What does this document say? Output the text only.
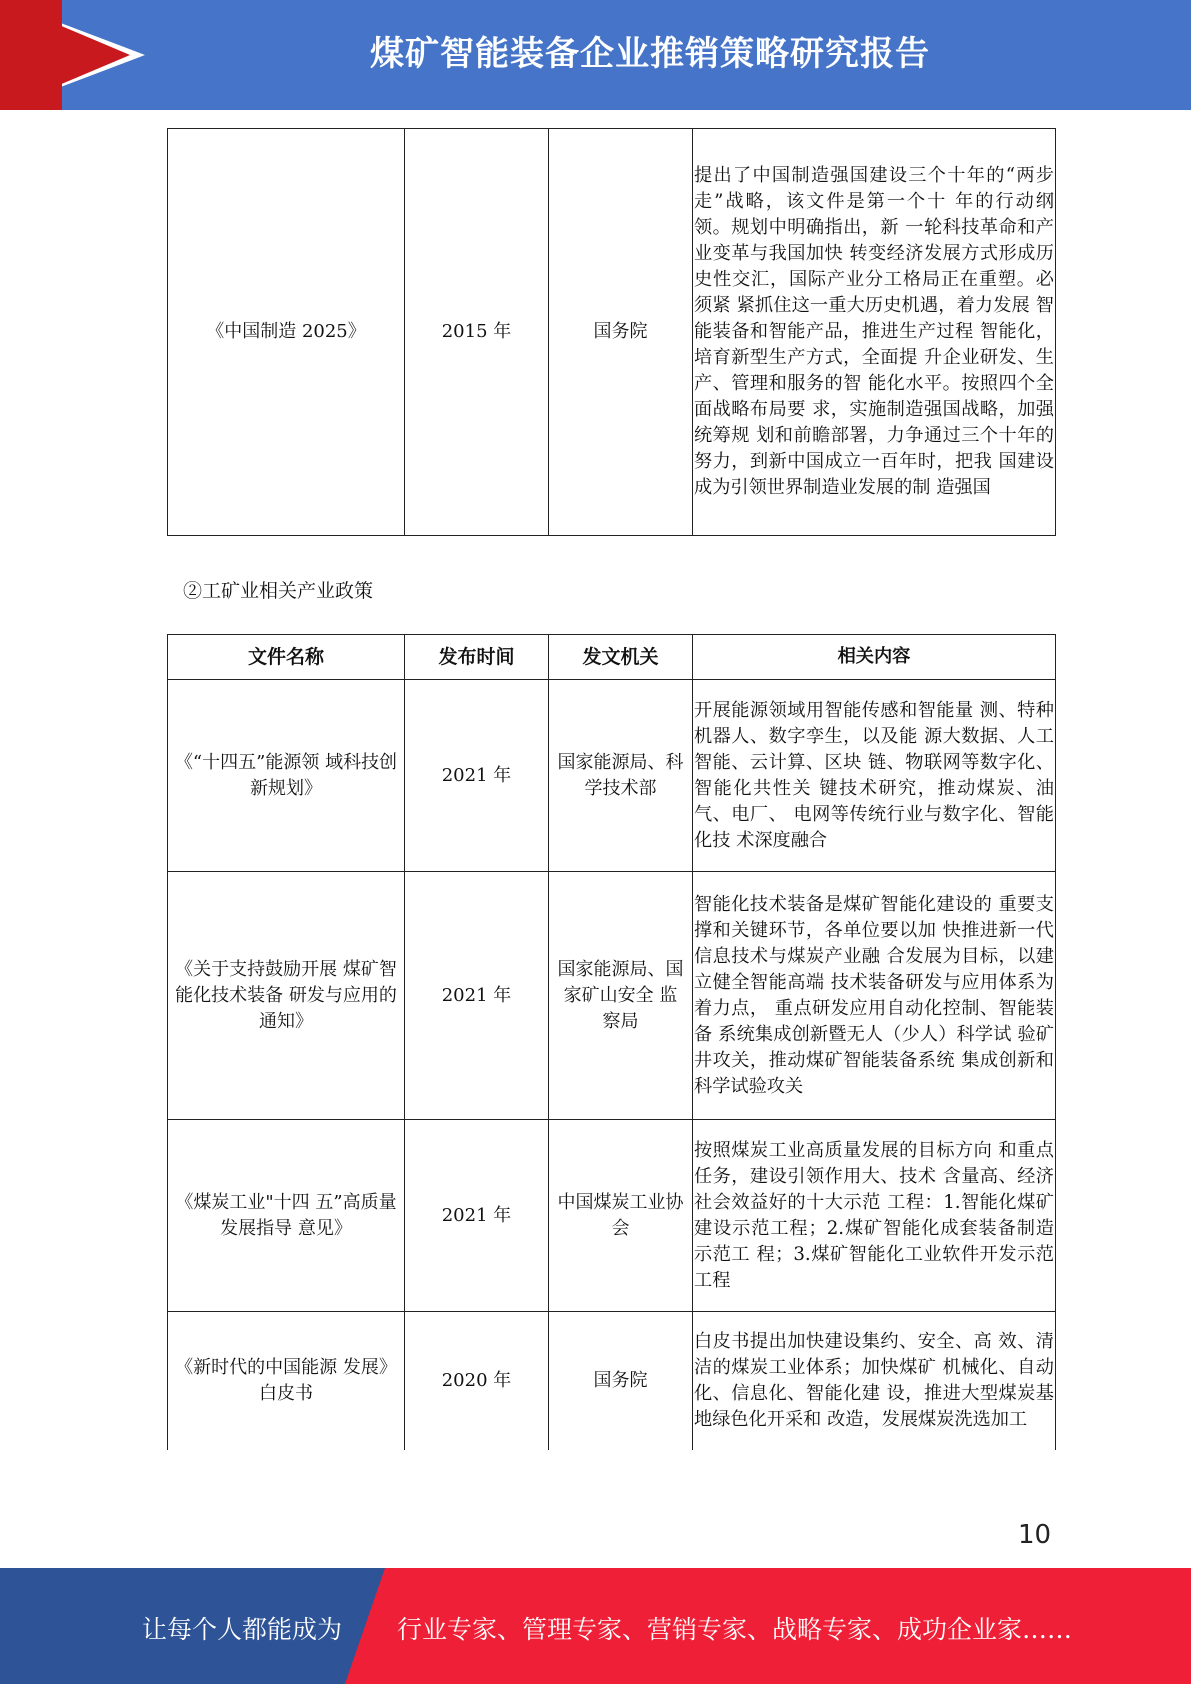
煤矿智能装备企业推销策略研究报告
《中国制造 2025》	2015 年	国务院	提出了中国制造强国建设三个十年的“两步走”战略，该文件是第一个十 年的行动纲领。规划中明确指出，新 一轮科技革命和产业变革与我国加快 转变经济发展方式形成历史性交汇，国际产业分工格局正在重塑。必须紧 紧抓住这一重大历史机遇，着力发展 智能装备和智能产品，推进生产过程 智能化，培育新型生产方式，全面提 升企业研发、生产、管理和服务的智 能化水平。按照四个全面战略布局要 求，实施制造强国战略，加强统筹规 划和前瞻部署，力争通过三个十年的 努力，到新中国成立一百年时，把我 国建设成为引领世界制造业发展的制 造强国
②工矿业相关产业政策
文件名称	发布时间	发文机关	相关内容
《“十四五”能源领 域科技创新规划》	2021 年	国家能源局、科学技术部	开展能源领域用智能传感和智能量 测、特种机器人、数字孪生，以及能 源大数据、人工智能、云计算、区块 链、物联网等数字化、智能化共性关 键技术研究，推动煤炭、油气、电厂、 电网等传统行业与数字化、智能化技 术深度融合
《关于支持鼓励开展 煤矿智能化技术装备 研发与应用的通知》	2021 年	国家能源局、国家矿山安全 监察局	智能化技术装备是煤矿智能化建设的 重要支撑和关键环节，各单位要以加 快推进新一代信息技术与煤炭产业融 合发展为目标，以建立健全智能高端 技术装备研发与应用体系为着力点， 重点研发应用自动化控制、智能装备 系统集成创新暨无人（少人）科学试 验矿井攻关，推动煤矿智能装备系统 集成创新和科学试验攻关
《煤炭工业"十四 五”高质量发展指导 意见》	2021 年	中国煤炭工业协会	按照煤炭工业高质量发展的目标方向 和重点任务，建设引领作用大、技术 含量高、经济社会效益好的十大示范 工程：1.智能化煤矿建设示范工程；2.煤矿智能化成套装备制造示范工 程；3.煤矿智能化工业软件开发示范 工程
《新时代的中国能源 发展》白皮书	2020 年	国务院	白皮书提出加快建设集约、安全、高 效、清洁的煤炭工业体系；加快煤矿 机械化、自动化、信息化、智能化建 设，推进大型煤炭基地绿色化开采和 改造，发展煤炭洗选加工
10
让每个人都能成为 行业专家、管理专家、营销专家、战略专家、成功企业家……
